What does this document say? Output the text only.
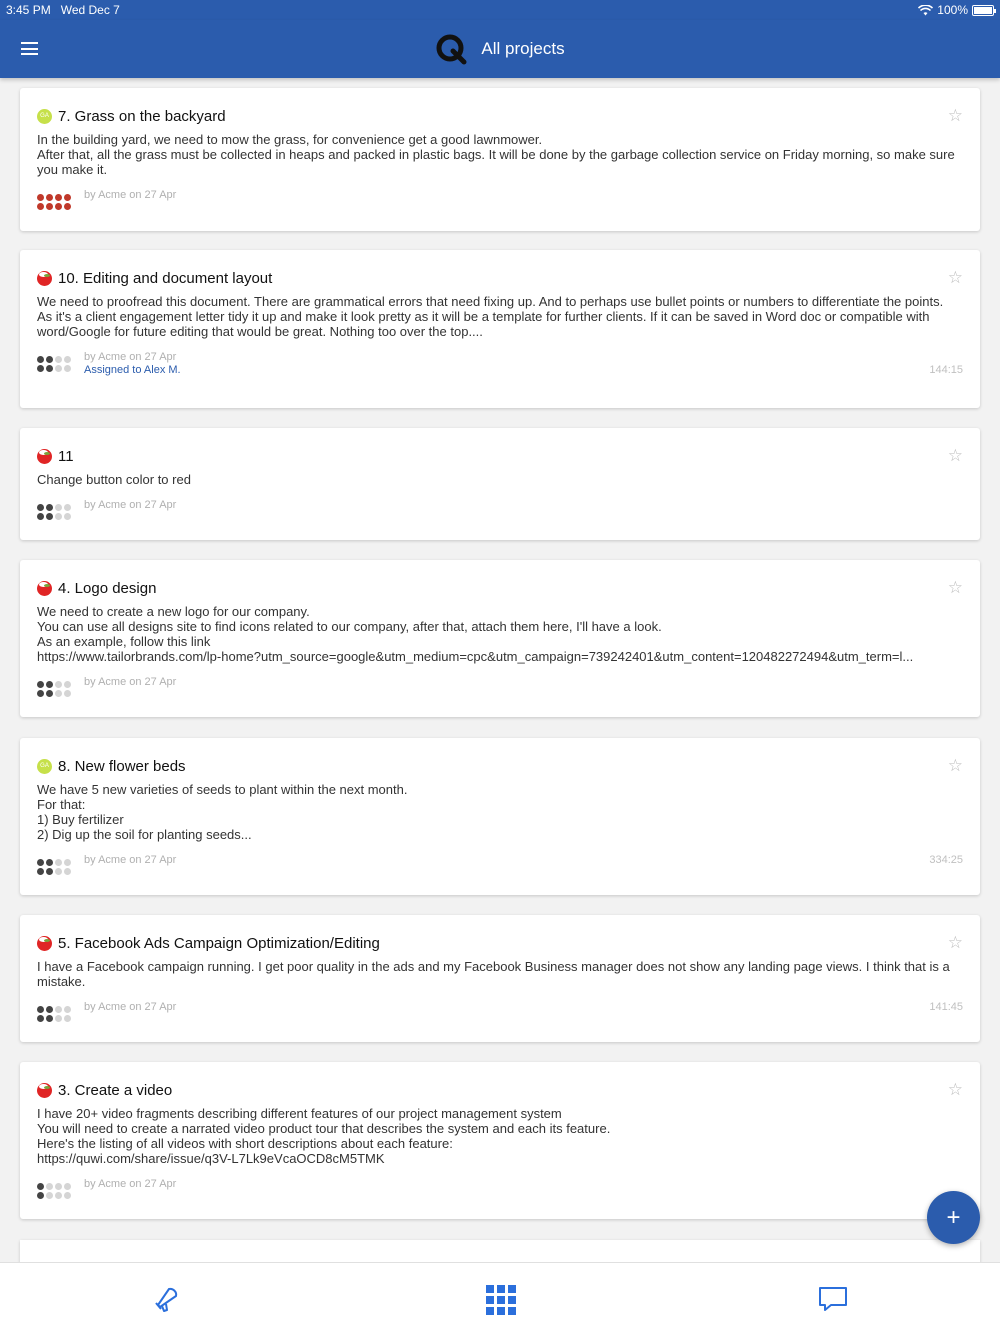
3:45 PM Wed Dec 7	100%
All projects
GA 7. Grass on the backyard	☆
In the building yard, we need to mow the grass, for convenience get a good lawnmower.
After that, all the grass must be collected in heaps and packed in plastic bags. It will be done by the garbage collection service on Friday morning, so make sure you make it.
by Acme on 27 Apr
10. Editing and document layout	☆
We need to proofread this document. There are grammatical errors that need fixing up. And to perhaps use bullet points or numbers to differentiate the points.
As it's a client engagement letter tidy it up and make it look pretty as it will be a template for further clients. If it can be saved in Word doc or compatible with word/Google for future editing that would be great. Nothing too over the top....
by Acme on 27 Apr
Assigned to Alex M.	144:15
11	☆
Change button color to red
by Acme on 27 Apr
4. Logo design	☆
We need to create a new logo for our company.
You can use all designs site to find icons related to our company, after that, attach them here, I'll have a look.
As an example, follow this link
https://www.tailorbrands.com/lp-home?utm_source=google&utm_medium=cpc&utm_campaign=739242401&utm_content=120482272494&utm_term=l...
by Acme on 27 Apr
GA 8. New flower beds	☆
We have 5 new varieties of seeds to plant within the next month.
For that:
1) Buy fertilizer
2) Dig up the soil for planting seeds...
by Acme on 27 Apr	334:25
5. Facebook Ads Campaign Optimization/Editing	☆
I have a Facebook campaign running. I get poor quality in the ads and my Facebook Business manager does not show any landing page views. I think that is a mistake.
by Acme on 27 Apr	141:45
3. Create a video	☆
I have 20+ video fragments describing different features of our project management system
You will need to create a narrated video product tour that describes the system and each its feature.
Here's the listing of all videos with short descriptions about each feature:
https://quwi.com/share/issue/q3V-L7Lk9eVcaOCD8cM5TMK
by Acme on 27 Apr
+
